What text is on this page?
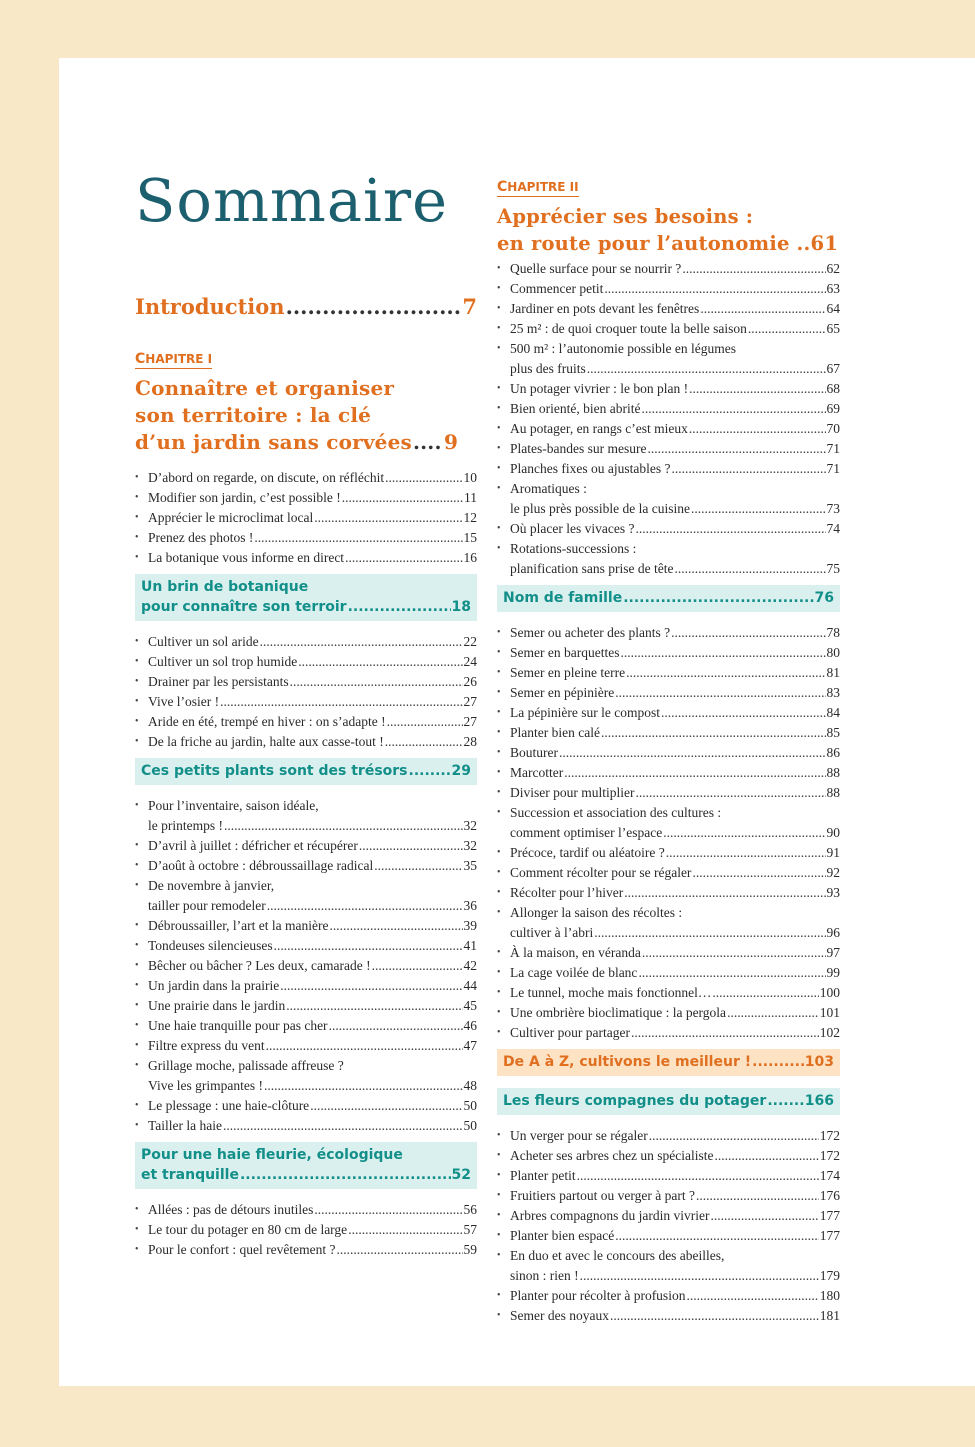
Sommaire
Introduction .....	7
CHAPITRE I
Connaître et organiser
son territoire : la clé
d’un jardin sans corvées ..... 9
• D’abord on regarde, on discute, on réfléchit .....	10
• Modifier son jardin, c’est possible ! .....	11
• Apprécier le microclimat local .....	12
• Prenez des photos ! .....	15
• La botanique vous informe en direct .....	16
Un brin de botanique
pour connaître son terroir .....	18
• Cultiver un sol aride .....	22
• Cultiver un sol trop humide .....	24
• Drainer par les persistants .....	26
• Vive l’osier ! .....	27
• Aride en été, trempé en hiver : on s’adapte ! .....	27
• De la friche au jardin, halte aux casse-tout ! .....	28
Ces petits plants sont des trésors .....	29
• Pour l’inventaire, saison idéale,
le printemps ! .....	32
• D’avril à juillet : défricher et récupérer .....	32
• D’août à octobre : débroussaillage radical .....	35
• De novembre à janvier,
tailler pour remodeler .....	36
• Débroussailler, l’art et la manière .....	39
• Tondeuses silencieuses .....	41
• Bêcher ou bâcher ? Les deux, camarade ! .....	42
• Un jardin dans la prairie .....	44
• Une prairie dans le jardin .....	45
• Une haie tranquille pour pas cher .....	46
• Filtre express du vent .....	47
• Grillage moche, palissade affreuse ?
Vive les grimpantes ! .....	48
• Le plessage : une haie-clôture .....	50
• Tailler la haie .....	50
Pour une haie fleurie, écologique
et tranquille .....	52
• Allées : pas de détours inutiles .....	56
• Le tour du potager en 80 cm de large .....	57
• Pour le confort : quel revêtement ? .....	59
CHAPITRE II
Apprécier ses besoins :
en route pour l’autonomie .. 61
• Quelle surface pour se nourrir ? .....	62
• Commencer petit .....	63
• Jardiner en pots devant les fenêtres .....	64
• 25 m² : de quoi croquer toute la belle saison .....	65
• 500 m² : l’autonomie possible en légumes
plus des fruits .....	67
• Un potager vivrier : le bon plan ! .....	68
• Bien orienté, bien abrité .....	69
• Au potager, en rangs c’est mieux .....	70
• Plates-bandes sur mesure .....	71
• Planches fixes ou ajustables ? .....	71
• Aromatiques :
le plus près possible de la cuisine .....	73
• Où placer les vivaces ? .....	74
• Rotations-successions :
planification sans prise de tête .....	75
Nom de famille .....	76
• Semer ou acheter des plants ? .....	78
• Semer en barquettes .....	80
• Semer en pleine terre .....	81
• Semer en pépinière .....	83
• La pépinière sur le compost .....	84
• Planter bien calé .....	85
• Bouturer .....	86
• Marcotter .....	88
• Diviser pour multiplier .....	88
• Succession et association des cultures :
comment optimiser l’espace .....	90
• Précoce, tardif ou aléatoire ? .....	91
• Comment récolter pour se régaler .....	92
• Récolter pour l’hiver .....	93
• Allonger la saison des récoltes :
cultiver à l’abri .....	96
• À la maison, en véranda .....	97
• La cage voilée de blanc .....	99
• Le tunnel, moche mais fonctionnel… .....	100
• Une ombrière bioclimatique : la pergola .....	101
• Cultiver pour partager .....	102
De A à Z, cultivons le meilleur ! .....	103
Les fleurs compagnes du potager .....	166
• Un verger pour se régaler .....	172
• Acheter ses arbres chez un spécialiste .....	172
• Planter petit .....	174
• Fruitiers partout ou verger à part ? .....	176
• Arbres compagnons du jardin vivrier .....	177
• Planter bien espacé .....	177
• En duo et avec le concours des abeilles,
sinon : rien ! .....	179
• Planter pour récolter à profusion .....	180
• Semer des noyaux .....	181
